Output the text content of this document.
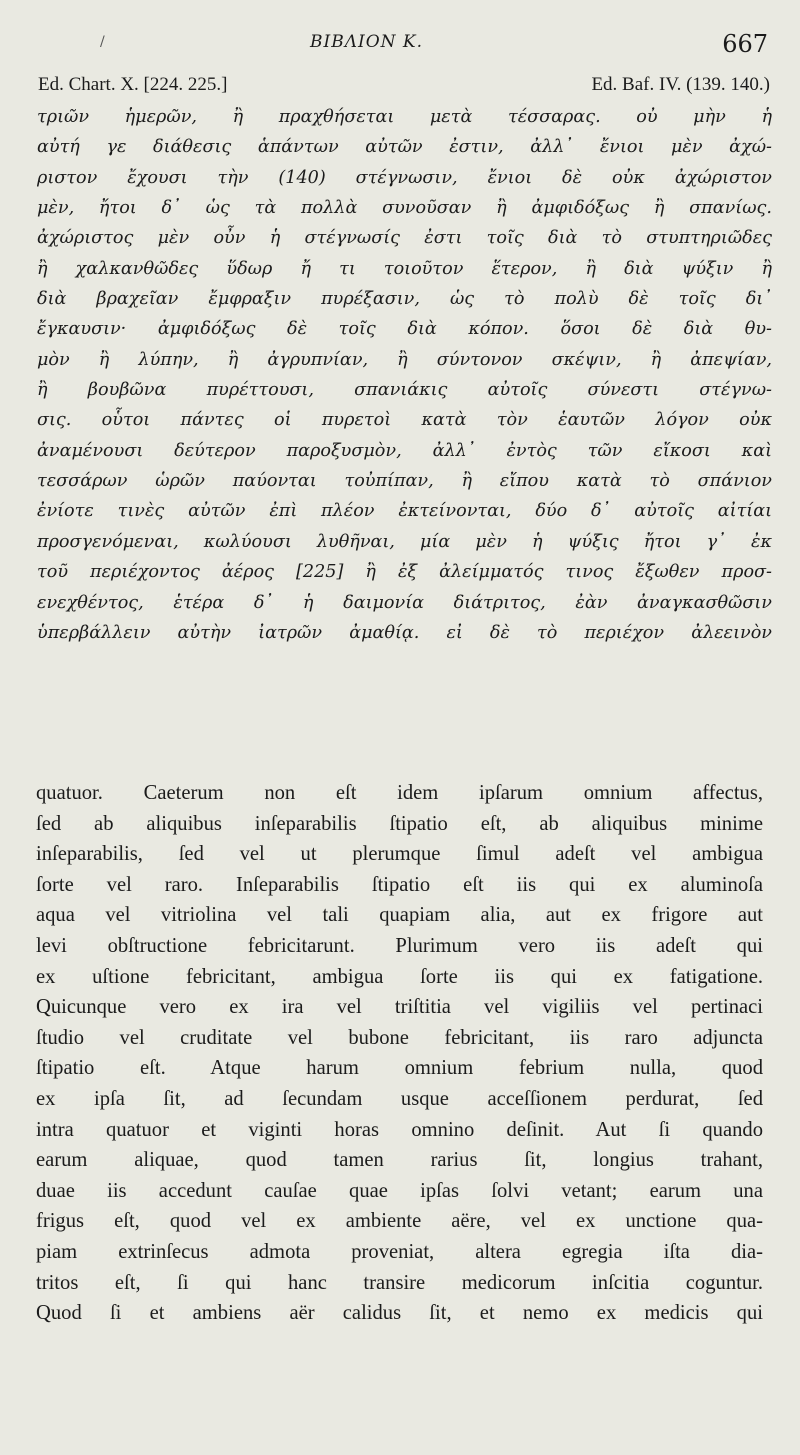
/	BIBΛΙΟΝ K.	667
Ed. Chart. X. [224. 225.]	Ed. Baf. IV. (139. 140.)
τριῶν ἡμερῶν, ἢ πραχθήσεται μετὰ τέσσαρας. οὐ μὴν ἡ
αὐτή γε διάθεσις ἁπάντων αὐτῶν ἐστιν, ἀλλ᾽ ἔνιοι μὲν ἀχώ-
ριστον ἔχουσι τὴν (140) στέγνωσιν, ἔνιοι δὲ οὐκ ἀχώριστον
μὲν, ἤτοι δ᾽ ὡς τὰ πολλὰ συνοῦσαν ἢ ἀμφιδόξως ἢ σπανίως.
ἀχώριστος μὲν οὖν ἡ στέγνωσίς ἐστι τοῖς διὰ τὸ στυπτηριῶδες
ἢ χαλκανθῶδες ὕδωρ ἤ τι τοιοῦτον ἕτερον, ἢ διὰ ψύξιν ἢ
διὰ βραχεῖαν ἔμφραξιν πυρέξασιν, ὡς τὸ πολὺ δὲ τοῖς δι᾽
ἔγκαυσιν· ἀμφιδόξως δὲ τοῖς διὰ κόπον. ὅσοι δὲ διὰ θυ-
μὸν ἢ λύπην, ἢ ἀγρυπνίαν, ἢ σύντονον σκέψιν, ἢ ἀπεψίαν,
ἢ βουβῶνα πυρέττουσι, σπανιάκις αὐτοῖς σύνεστι στέγνω-
σις. οὗτοι πάντες οἱ πυρετοὶ κατὰ τὸν ἑαυτῶν λόγον οὐκ
ἀναμένουσι δεύτερον παροξυσμὸν, ἀλλ᾽ ἐντὸς τῶν εἴκοσι καὶ
τεσσάρων ὡρῶν παύονται τοὐπίπαν, ἢ εἴπου κατὰ τὸ σπάνιον
ἐνίοτε τινὲς αὐτῶν ἐπὶ πλέον ἐκτείνονται, δύο δ᾽ αὐτοῖς αἰτίαι
προσγενόμεναι, κωλύουσι λυθῆναι, μία μὲν ἡ ψύξις ἤτοι γ᾽ ἐκ
τοῦ περιέχοντος ἀέρος [225] ἢ ἐξ ἀλείμματός τινος ἔξωθεν προσ-
ενεχθέντος, ἑτέρα δ᾽ ἡ δαιμονία διάτριτος, ἐὰν ἀναγκασθῶσιν
ὑπερβάλλειν αὐτὴν ἰατρῶν ἀμαθίᾳ. εἰ δὲ τὸ περιέχον ἀλεεινὸν
quatuor. Caeterum non eſt idem ipſarum omnium affectus,
ſed ab aliquibus inſeparabilis ſtipatio eſt, ab aliquibus minime
inſeparabilis, ſed vel ut plerumque ſimul adeſt vel ambigua
ſorte vel raro. Inſeparabilis ſtipatio eſt iis qui ex aluminoſa
aqua vel vitriolina vel tali quapiam alia, aut ex frigore aut
levi obſtructione febricitarunt. Plurimum vero iis adeſt qui
ex uſtione febricitant, ambigua ſorte iis qui ex fatigatione.
Quicunque vero ex ira vel triſtitia vel vigiliis vel pertinaci
ſtudio vel cruditate vel bubone febricitant, iis raro adjuncta
ſtipatio eſt. Atque harum omnium febrium nulla, quod
ex ipſa ſit, ad ſecundam usque acceſſionem perdurat, ſed
intra quatuor et viginti horas omnino deſinit. Aut ſi quando
earum aliquae, quod tamen rarius ſit, longius trahant,
duae iis accedunt cauſae quae ipſas ſolvi vetant; earum una
frigus eſt, quod vel ex ambiente aëre, vel ex unctione qua-
piam extrinſecus admota proveniat, altera egregia iſta dia-
tritos eſt, ſi qui hanc transire medicorum inſcitia coguntur.
Quod ſi et ambiens aër calidus ſit, et nemo ex medicis qui
